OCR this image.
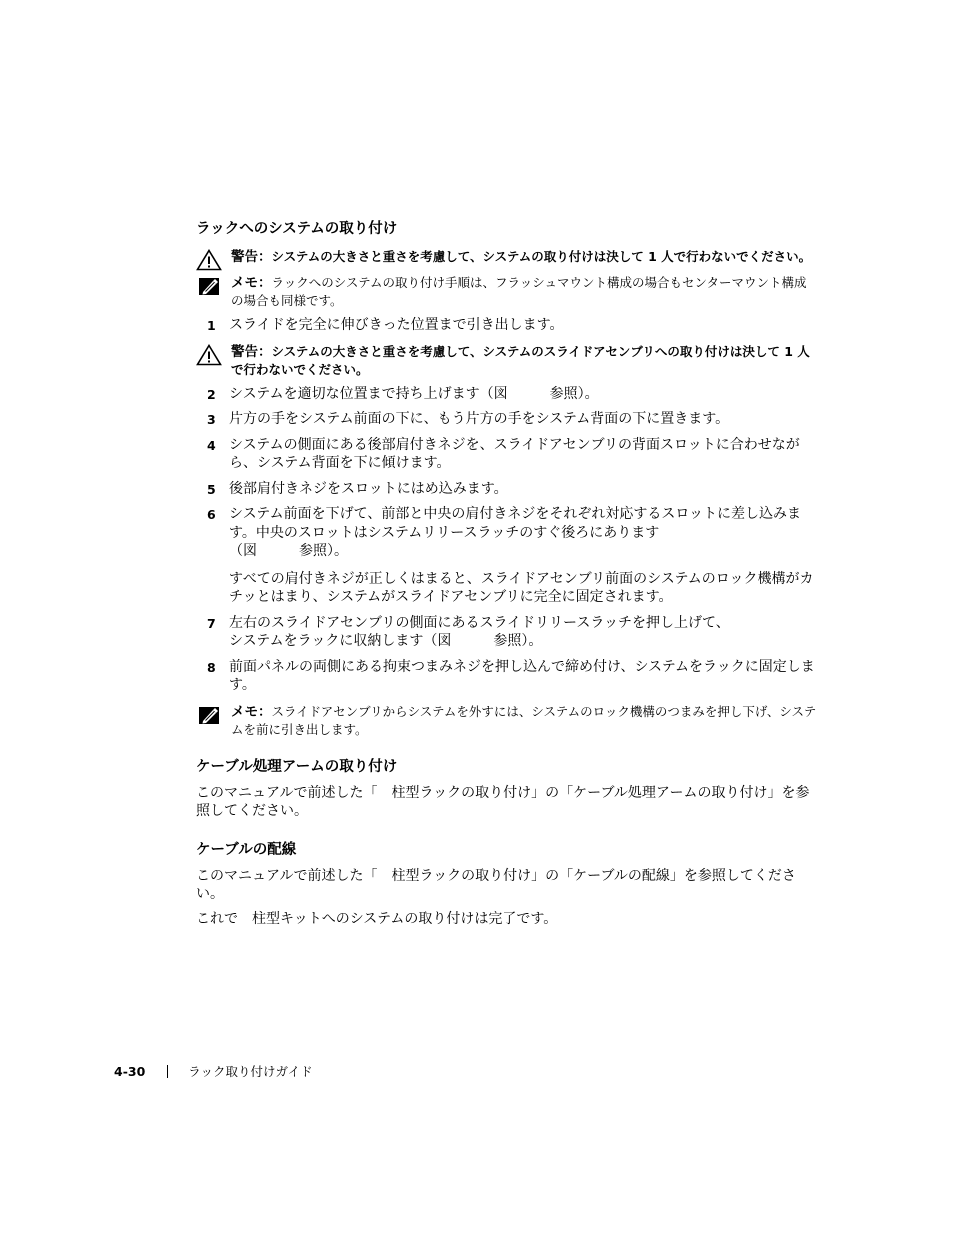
ラックへのシステムの取り付け
警告：システムの大きさと重さを考慮して、システムの取り付けは決して 1 人で行わないでください。
メモ：ラックへのシステムの取り付け手順は、フラッシュマウント構成の場合もセンターマウント構成の場合も同様です。
1 スライドを完全に伸びきった位置まで引き出します。
警告：システムの大きさと重さを考慮して、システムのスライドアセンブリへの取り付けは決して 1 人で行わないでください。
2 システムを適切な位置まで持ち上げます（図　　　参照）。
3 片方の手をシステム前面の下に、もう片方の手をシステム背面の下に置きます。
4 システムの側面にある後部肩付きネジを、スライドアセンブリの背面スロットに合わせながら、システム背面を下に傾けます。
5 後部肩付きネジをスロットにはめ込みます。
6 システム前面を下げて、前部と中央の肩付きネジをそれぞれ対応するスロットに差し込みます。中央のスロットはシステムリリースラッチのすぐ後ろにあります
（図　　　参照）。
すべての肩付きネジが正しくはまると、スライドアセンブリ前面のシステムのロック機構がカチッとはまり、システムがスライドアセンブリに完全に固定されます。
7 左右のスライドアセンブリの側面にあるスライドリリースラッチを押し上げて、
システムをラックに収納します（図　　　参照）。
8 前面パネルの両側にある拘束つまみネジを押し込んで締め付け、システムをラックに固定します。
メモ：スライドアセンブリからシステムを外すには、システムのロック機構のつまみを押し下げ、システムを前に引き出します。
ケーブル処理アームの取り付け

このマニュアルで前述した「　柱型ラックの取り付け」の「ケーブル処理アームの取り付け」を参照してください。

ケーブルの配線

このマニュアルで前述した「　柱型ラックの取り付け」の「ケーブルの配線」を参照してください。

これで　柱型キットへのシステムの取り付けは完了です。

4-30	ラック取り付けガイド
